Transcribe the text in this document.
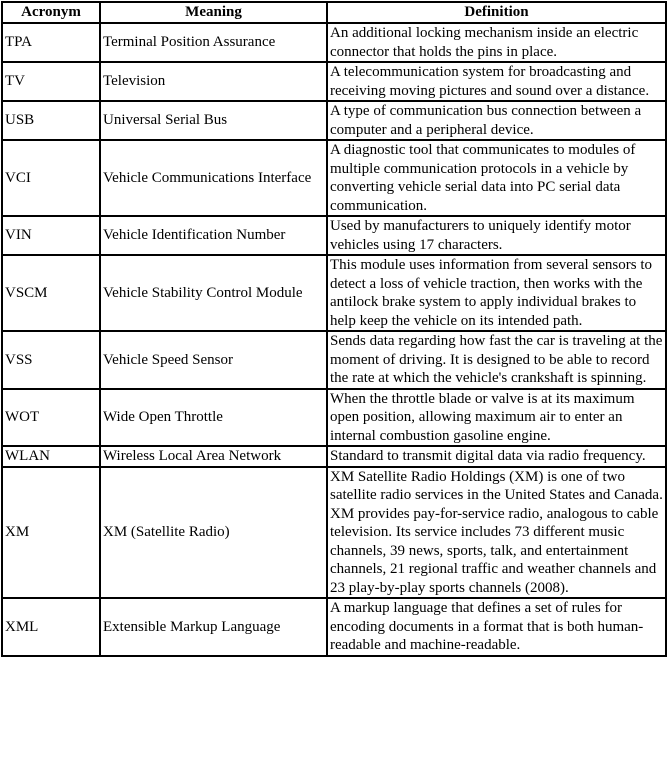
Acronym	Meaning	Definition
TPA	Terminal Position Assurance	An additional locking mechanism inside an electric connector that holds the pins in place.
TV	Television	A telecommunication system for broadcasting and receiving moving pictures and sound over a distance.
USB	Universal Serial Bus	A type of communication bus connection between a computer and a peripheral device.
VCI	Vehicle Communications Interface	A diagnostic tool that communicates to modules of multiple communication protocols in a vehicle by converting vehicle serial data into PC serial data communication.
VIN	Vehicle Identification Number	Used by manufacturers to uniquely identify motor vehicles using 17 characters.
VSCM	Vehicle Stability Control Module	This module uses information from several sensors to detect a loss of vehicle traction, then works with the antilock brake system to apply individual brakes to help keep the vehicle on its intended path.
VSS	Vehicle Speed Sensor	Sends data regarding how fast the car is traveling at the moment of driving. It is designed to be able to record the rate at which the vehicle's crankshaft is spinning.
WOT	Wide Open Throttle	When the throttle blade or valve is at its maximum open position, allowing maximum air to enter an internal combustion gasoline engine.
WLAN	Wireless Local Area Network	Standard to transmit digital data via radio frequency.
XM	XM (Satellite Radio)	XM Satellite Radio Holdings (XM) is one of two satellite radio services in the United States and Canada. XM provides pay-for-service radio, analogous to cable television. Its service includes 73 different music channels, 39 news, sports, talk, and entertainment channels, 21 regional traffic and weather channels and 23 play-by-play sports channels (2008).
XML	Extensible Markup Language	A markup language that defines a set of rules for encoding documents in a format that is both human-readable and machine-readable.
